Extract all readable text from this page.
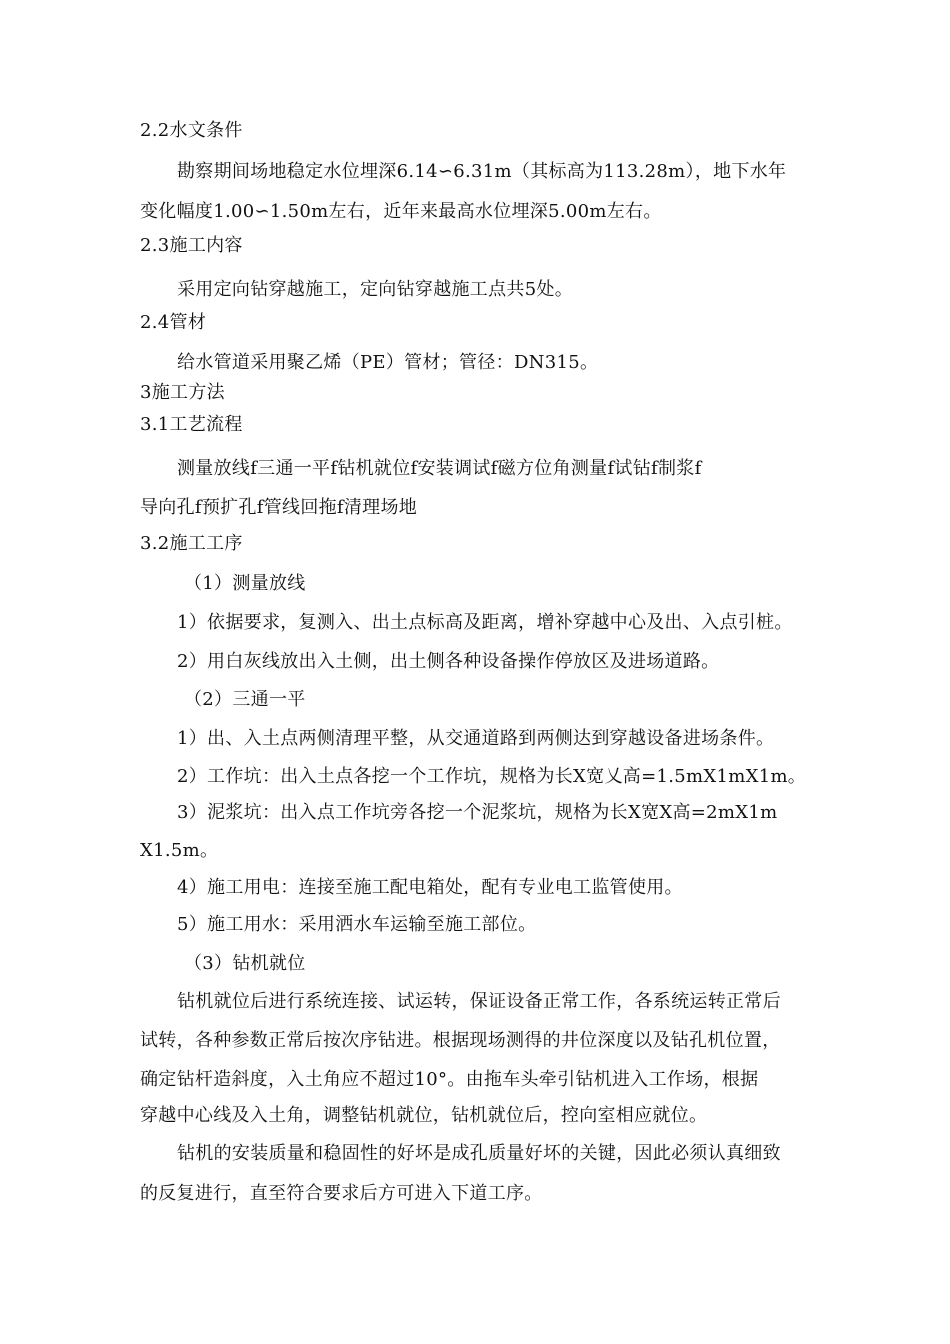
2.2水文条件
勘察期间场地稳定水位埋深6.14∽6.31m（其标高为113.28m），地下水年
变化幅度1.00∽1.50m左右，近年来最高水位埋深5.00m左右。
2.3施工内容
采用定向钻穿越施工，定向钻穿越施工点共5处。
2.4管材
给水管道采用聚乙烯（PE）管材；管径：DN315。
3施工方法
3.1工艺流程
测量放线f三通一平f钻机就位f安装调试f磁方位角测量f试钻f制浆f
导向孔f预扩孔f管线回拖f清理场地
3.2施工工序
（1）测量放线
1）依据要求，复测入、出土点标高及距离，增补穿越中心及出、入点引桩。
2）用白灰线放出入土侧，出土侧各种设备操作停放区及进场道路。
（2）三通一平
1）出、入土点两侧清理平整，从交通道路到两侧达到穿越设备进场条件。
2）工作坑：出入土点各挖一个工作坑，规格为长X宽乂高=1.5mX1mX1m。
3）泥浆坑：出入点工作坑旁各挖一个泥浆坑，规格为长X宽X高=2mX1m
X1.5m。
4）施工用电：连接至施工配电箱处，配有专业电工监管使用。
5）施工用水：采用洒水车运输至施工部位。
（3）钻机就位
钻机就位后进行系统连接、试运转，保证设备正常工作，各系统运转正常后
试转，各种参数正常后按次序钻进。根据现场测得的井位深度以及钻孔机位置，
确定钻杆造斜度，入土角应不超过10°。由拖车头牵引钻机进入工作场，根据
穿越中心线及入土角，调整钻机就位，钻机就位后，控向室相应就位。
钻机的安装质量和稳固性的好坏是成孔质量好坏的关键，因此必须认真细致
的反复进行，直至符合要求后方可进入下道工序。
